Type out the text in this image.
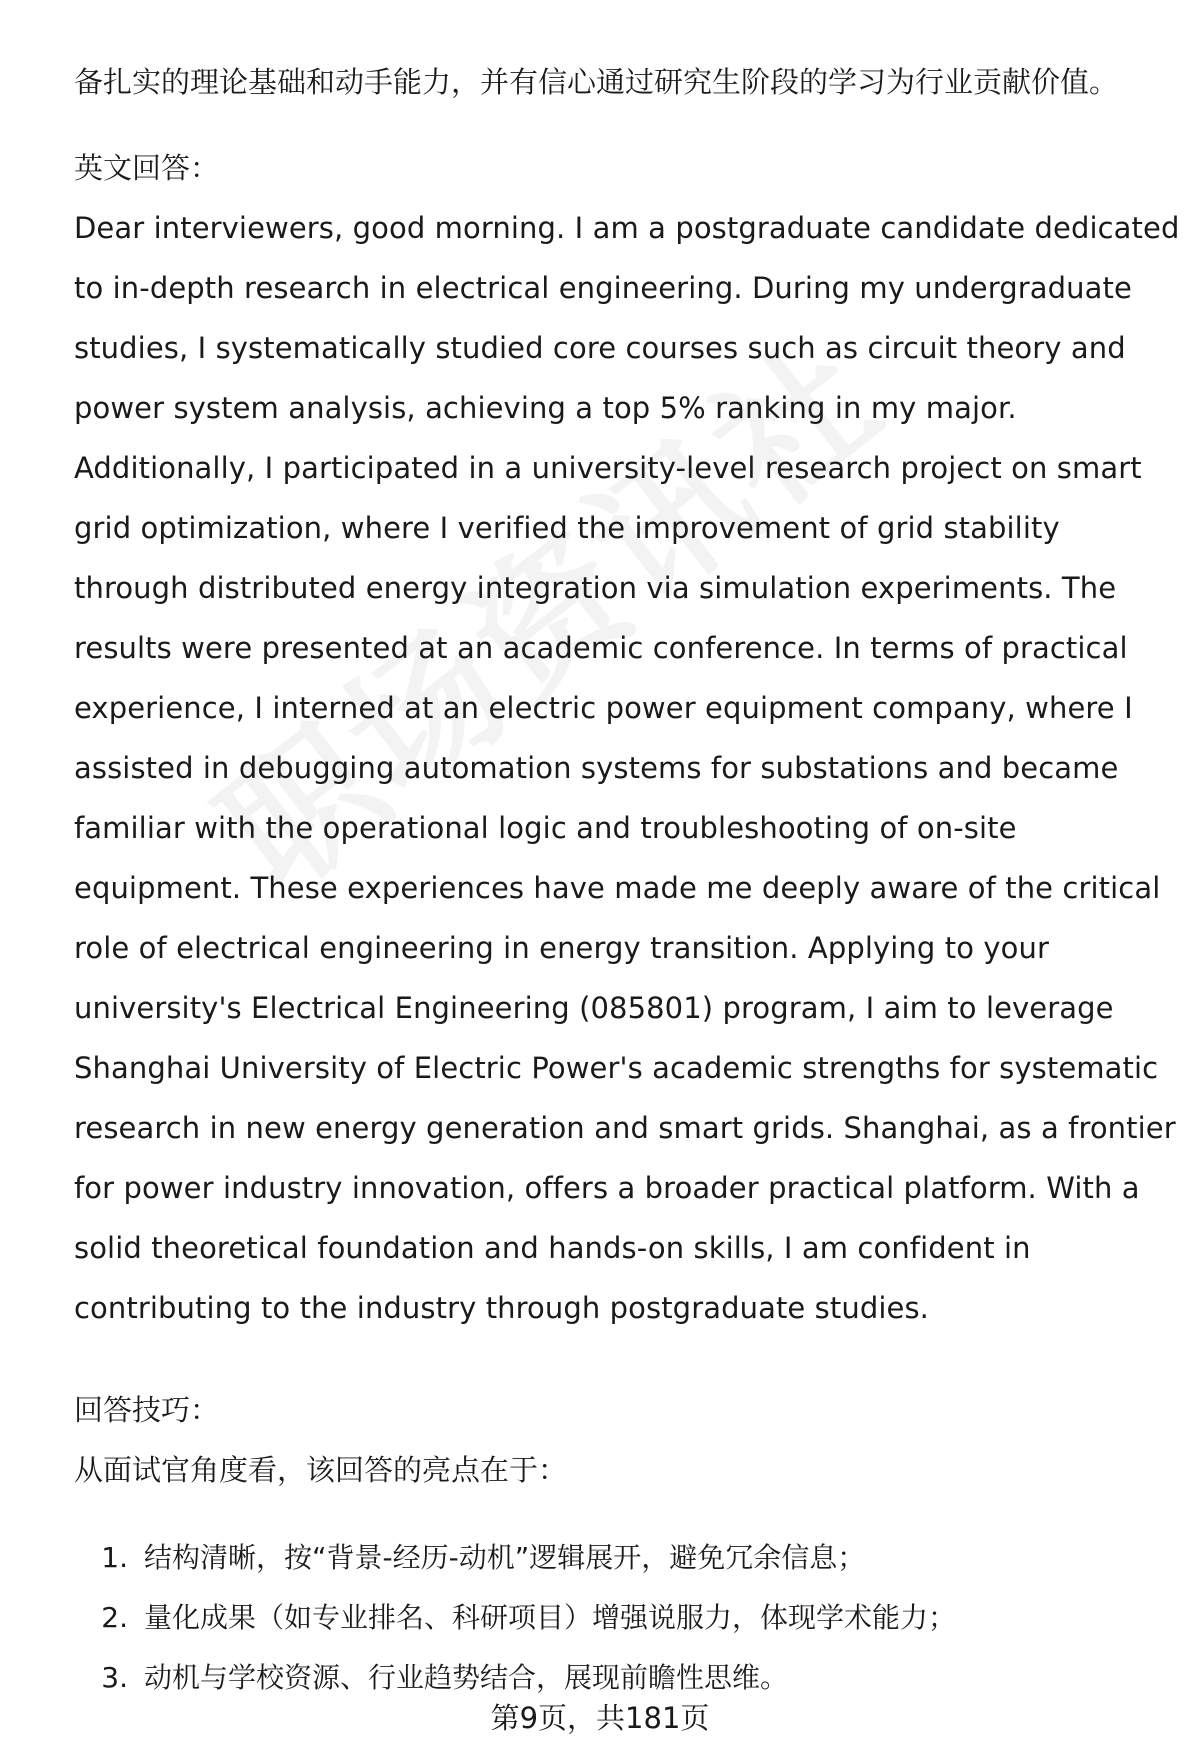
备扎实的理论基础和动手能力，并有信心通过研究生阶段的学习为行业贡献价值。

英文回答：

Dear interviewers, good morning. I am a postgraduate candidate dedicated

to in-depth research in electrical engineering. During my undergraduate

studies, I systematically studied core courses such as circuit theory and

power system analysis, achieving a top 5% ranking in my major.

Additionally, I participated in a university-level research project on smart

grid optimization, where I verified the improvement of grid stability

through distributed energy integration via simulation experiments. The

results were presented at an academic conference. In terms of practical

experience, I interned at an electric power equipment company, where I

assisted in debugging automation systems for substations and became

familiar with the operational logic and troubleshooting of on-site

equipment. These experiences have made me deeply aware of the critical

role of electrical engineering in energy transition. Applying to your

university's Electrical Engineering (085801) program, I aim to leverage

Shanghai University of Electric Power's academic strengths for systematic

research in new energy generation and smart grids. Shanghai, as a frontier

for power industry innovation, offers a broader practical platform. With a

solid theoretical foundation and hands-on skills, I am confident in

contributing to the industry through postgraduate studies.

回答技巧：

从面试官角度看，该回答的亮点在于：

1. 结构清晰，按“背景-经历-动机”逻辑展开，避免冗余信息；
2. 量化成果（如专业排名、科研项目）增强说服力，体现学术能力；
3. 动机与学校资源、行业趋势结合，展现前瞻性思维。
第9页，共181页
